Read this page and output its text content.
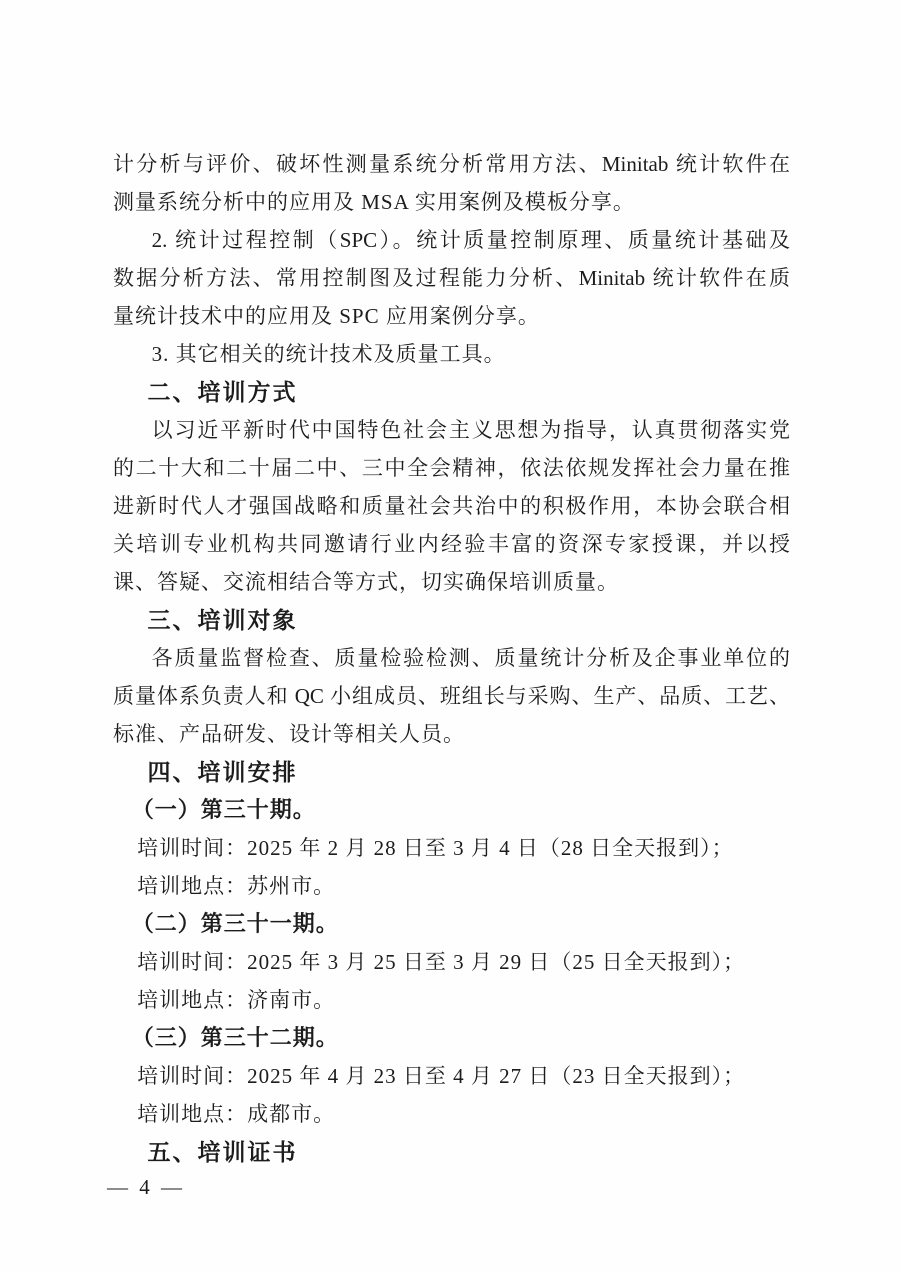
计分析与评价、破坏性测量系统分析常用方法、Minitab 统计软件在
测量系统分析中的应用及 MSA 实用案例及模板分享。
2. 统计过程控制（SPC）。统计质量控制原理、质量统计基础及
数据分析方法、常用控制图及过程能力分析、Minitab 统计软件在质
量统计技术中的应用及 SPC 应用案例分享。
3. 其它相关的统计技术及质量工具。
二、培训方式
以习近平新时代中国特色社会主义思想为指导，认真贯彻落实党
的二十大和二十届二中、三中全会精神，依法依规发挥社会力量在推
进新时代人才强国战略和质量社会共治中的积极作用，本协会联合相
关培训专业机构共同邀请行业内经验丰富的资深专家授课，并以授
课、答疑、交流相结合等方式，切实确保培训质量。
三、培训对象
各质量监督检查、质量检验检测、质量统计分析及企事业单位的
质量体系负责人和 QC 小组成员、班组长与采购、生产、品质、工艺、
标准、产品研发、设计等相关人员。
四、培训安排
（一）第三十期。
培训时间：2025 年 2 月 28 日至 3 月 4 日（28 日全天报到）；
培训地点：苏州市。
（二）第三十一期。
培训时间：2025 年 3 月 25 日至 3 月 29 日（25 日全天报到）；
培训地点：济南市。
（三）第三十二期。
培训时间：2025 年 4 月 23 日至 4 月 27 日（23 日全天报到）；
培训地点：成都市。
五、培训证书
— 4 —
